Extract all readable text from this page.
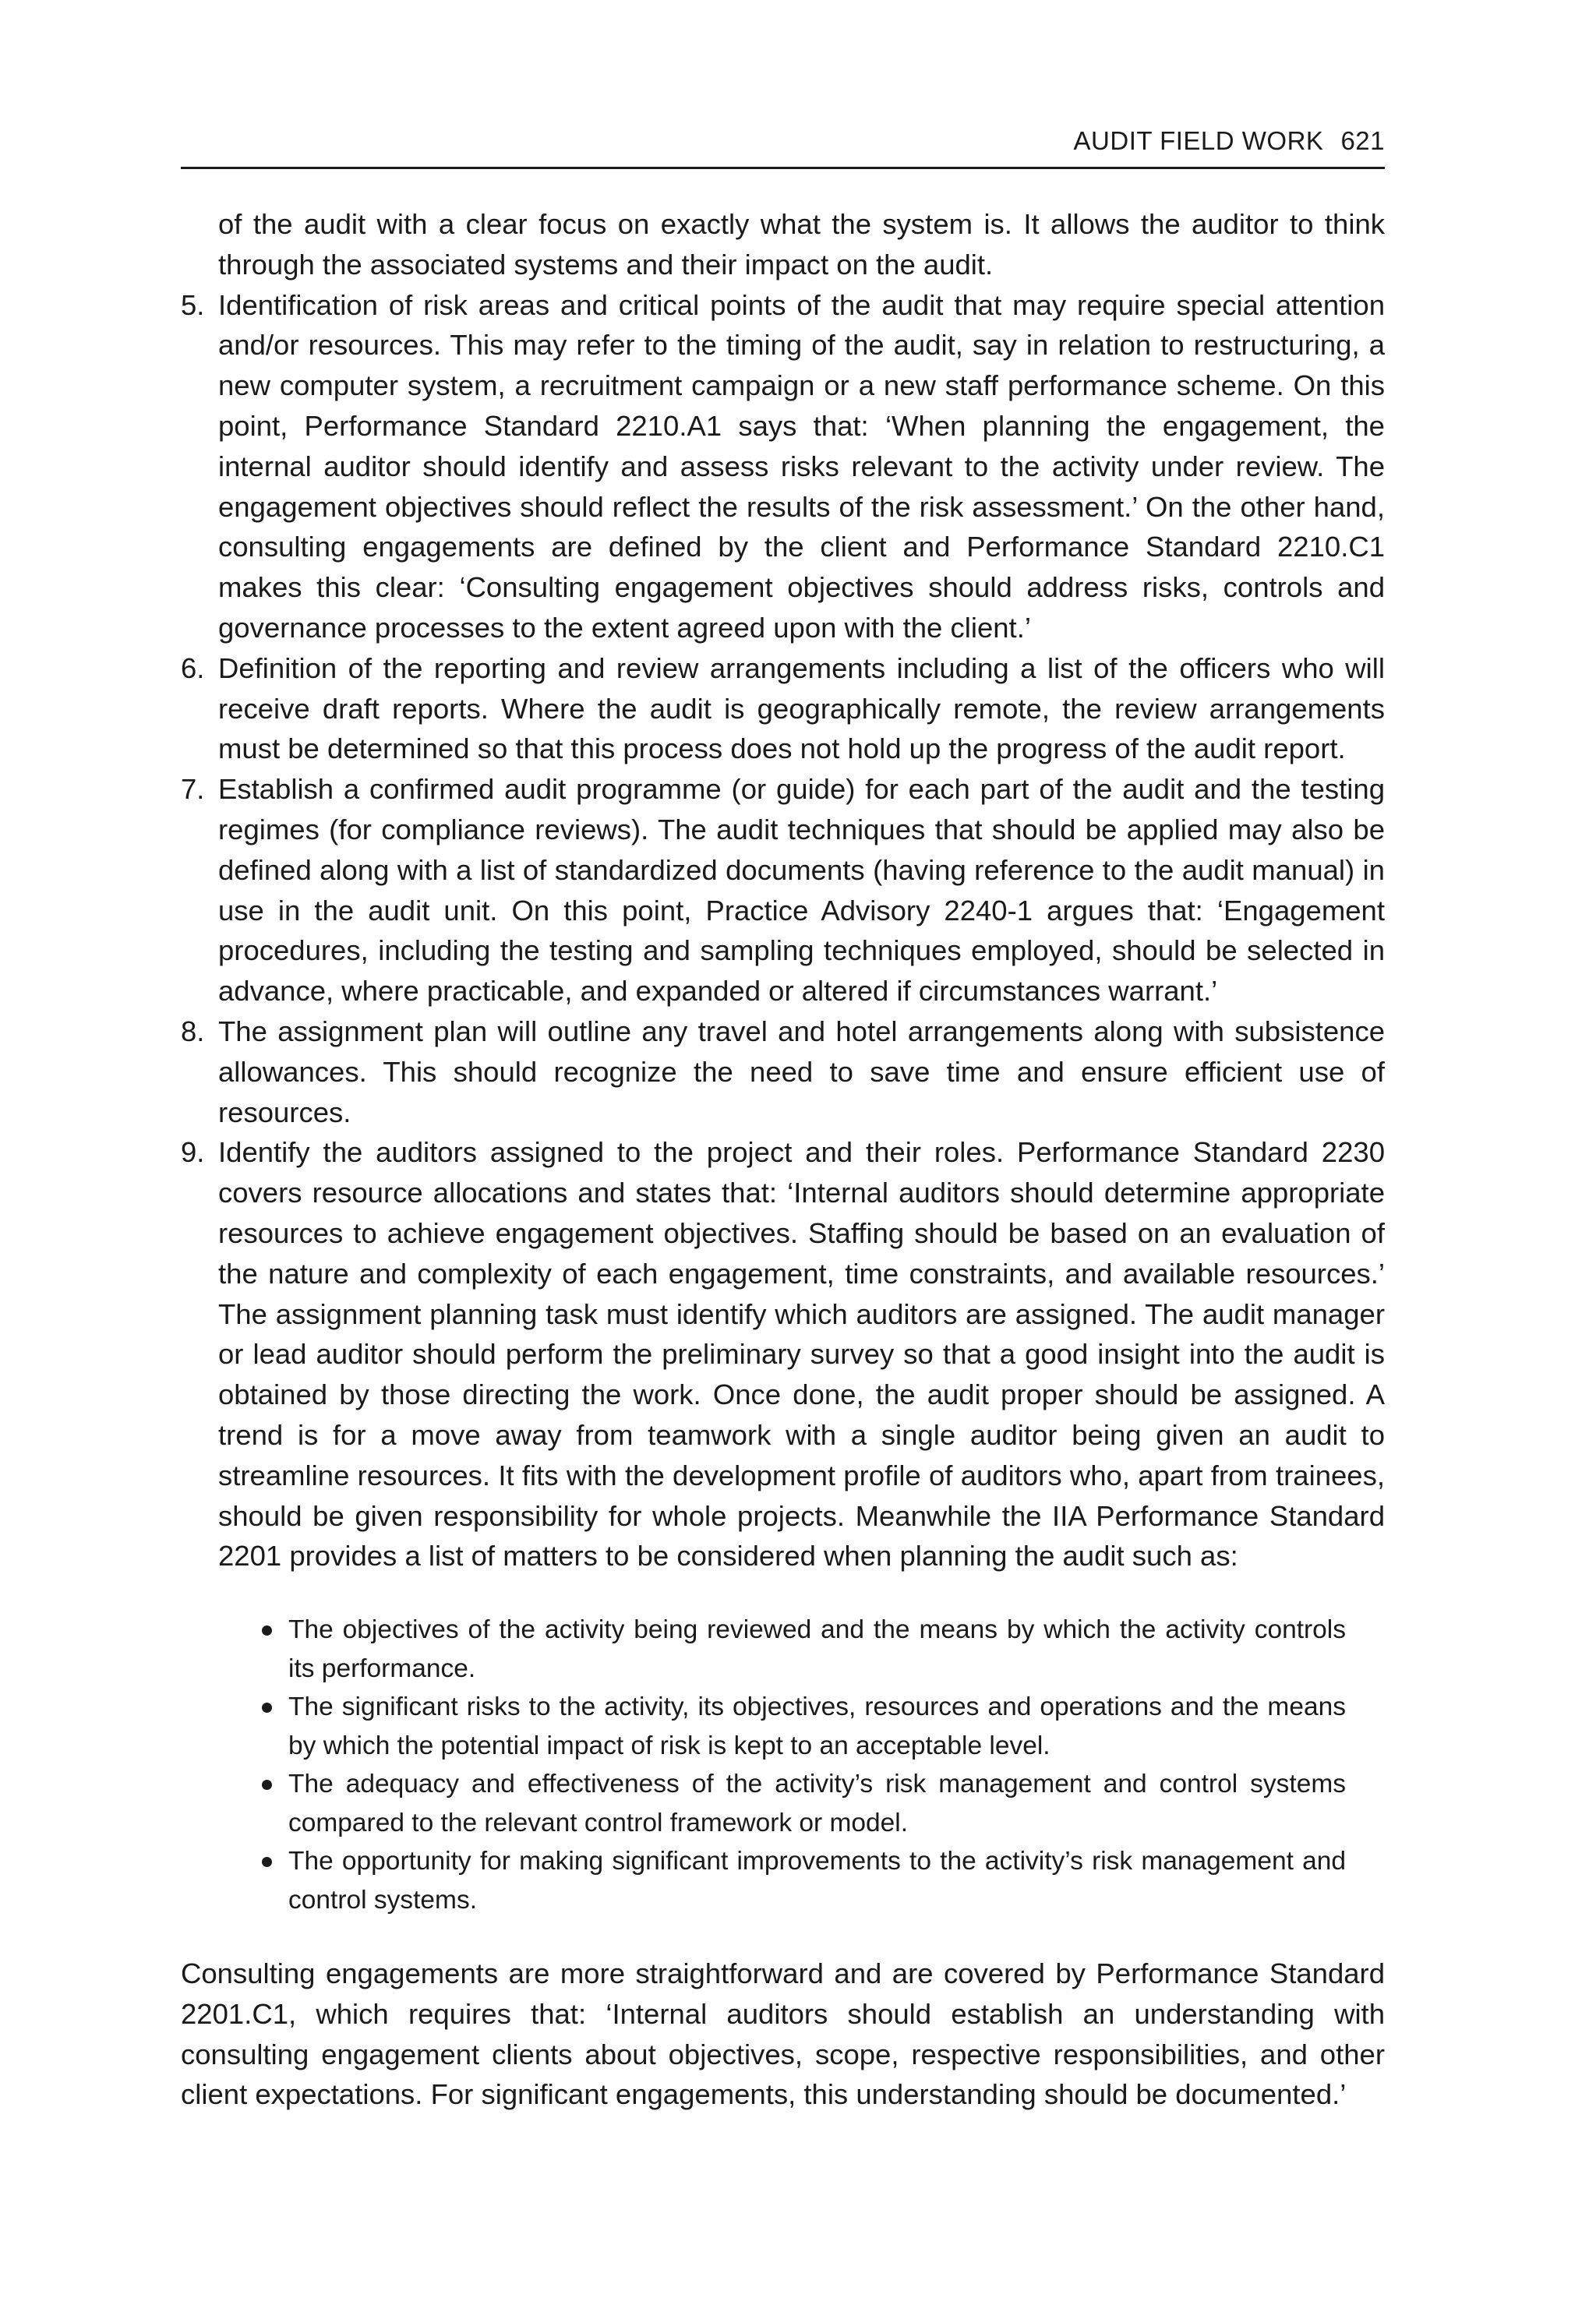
AUDIT FIELD WORK 621

of the audit with a clear focus on exactly what the system is. It allows the auditor to think through the associated systems and their impact on the audit.

5. Identification of risk areas and critical points of the audit that may require special attention and/or resources. This may refer to the timing of the audit, say in relation to restructuring, a new computer system, a recruitment campaign or a new staff performance scheme. On this point, Performance Standard 2210.A1 says that: ‘When planning the engagement, the internal auditor should identify and assess risks relevant to the activity under review. The engagement objectives should reflect the results of the risk assessment.’ On the other hand, consulting engagements are defined by the client and Performance Standard 2210.C1 makes this clear: ‘Consulting engagement objectives should address risks, controls and governance processes to the extent agreed upon with the client.’
6. Definition of the reporting and review arrangements including a list of the officers who will receive draft reports. Where the audit is geographically remote, the review arrangements must be determined so that this process does not hold up the progress of the audit report.
7. Establish a confirmed audit programme (or guide) for each part of the audit and the testing regimes (for compliance reviews). The audit techniques that should be applied may also be defined along with a list of standardized documents (having reference to the audit manual) in use in the audit unit. On this point, Practice Advisory 2240-1 argues that: ‘Engagement procedures, including the testing and sampling techniques employed, should be selected in advance, where practicable, and expanded or altered if circumstances warrant.’
8. The assignment plan will outline any travel and hotel arrangements along with subsistence allowances. This should recognize the need to save time and ensure efficient use of resources.
9. Identify the auditors assigned to the project and their roles. Performance Standard 2230 covers resource allocations and states that: ‘Internal auditors should determine appropriate resources to achieve engagement objectives. Staffing should be based on an evaluation of the nature and complexity of each engagement, time constraints, and available resources.’ The assignment planning task must identify which auditors are assigned. The audit manager or lead auditor should perform the preliminary survey so that a good insight into the audit is obtained by those directing the work. Once done, the audit proper should be assigned. A trend is for a move away from teamwork with a single auditor being given an audit to streamline resources. It fits with the development profile of auditors who, apart from trainees, should be given responsibility for whole projects. Meanwhile the IIA Performance Standard 2201 provides a list of matters to be considered when planning the audit such as:
The objectives of the activity being reviewed and the means by which the activity controls its performance.
The significant risks to the activity, its objectives, resources and operations and the means by which the potential impact of risk is kept to an acceptable level.
The adequacy and effectiveness of the activity’s risk management and control systems compared to the relevant control framework or model.
The opportunity for making significant improvements to the activity’s risk management and control systems.

Consulting engagements are more straightforward and are covered by Performance Standard 2201.C1, which requires that: ‘Internal auditors should establish an understanding with consulting engagement clients about objectives, scope, respective responsibilities, and other client expectations. For significant engagements, this understanding should be documented.’
